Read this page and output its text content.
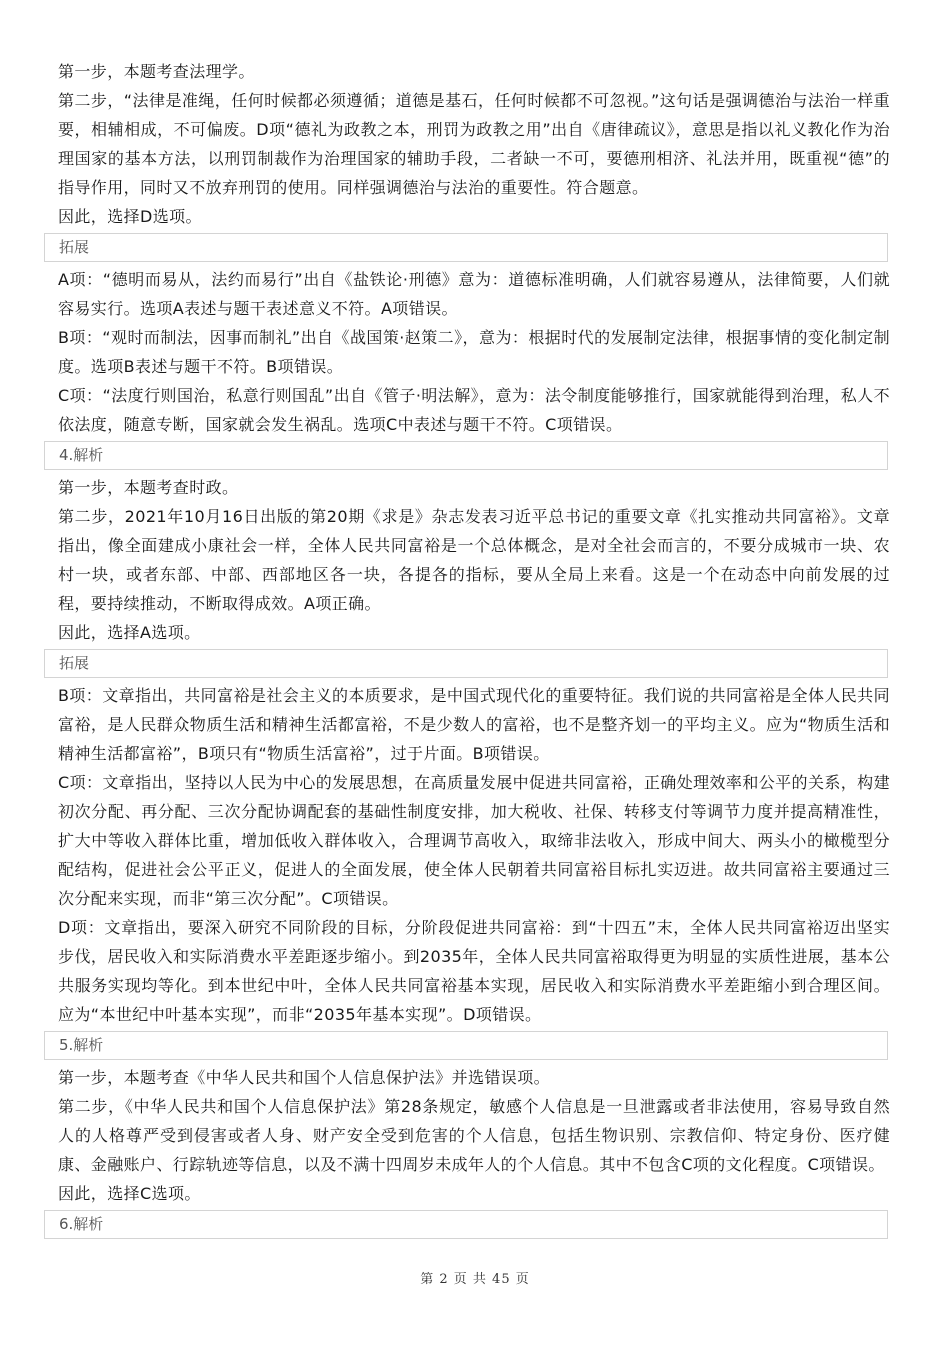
第一步，本题考查法理学。

第二步，“法律是准绳，任何时候都必须遵循；道德是基石，任何时候都不可忽视。”这句话是强调德治与法治一样重要，相辅相成，不可偏废。D项“德礼为政教之本，刑罚为政教之用”出自《唐律疏议》，意思是指以礼义教化作为治理国家的基本方法，以刑罚制裁作为治理国家的辅助手段，二者缺一不可，要德刑相济、礼法并用，既重视“德”的指导作用，同时又不放弃刑罚的使用。同样强调德治与法治的重要性。符合题意。

因此，选择D选项。

拓展

A项：“德明而易从，法约而易行”出自《盐铁论·刑德》意为：道德标准明确，人们就容易遵从，法律简要，人们就容易实行。选项A表述与题干表述意义不符。A项错误。

B项：“观时而制法，因事而制礼”出自《战国策·赵策二》，意为：根据时代的发展制定法律，根据事情的变化制定制度。选项B表述与题干不符。B项错误。

C项：“法度行则国治，私意行则国乱”出自《管子·明法解》，意为：法令制度能够推行，国家就能得到治理，私人不依法度，随意专断，国家就会发生祸乱。选项C中表述与题干不符。C项错误。

4.解析

第一步，本题考查时政。

第二步，2021年10月16日出版的第20期《求是》杂志发表习近平总书记的重要文章《扎实推动共同富裕》。文章指出，像全面建成小康社会一样，全体人民共同富裕是一个总体概念，是对全社会而言的，不要分成城市一块、农村一块，或者东部、中部、西部地区各一块，各提各的指标，要从全局上来看。这是一个在动态中向前发展的过程，要持续推动，不断取得成效。A项正确。

因此，选择A选项。

拓展

B项：文章指出，共同富裕是社会主义的本质要求，是中国式现代化的重要特征。我们说的共同富裕是全体人民共同富裕，是人民群众物质生活和精神生活都富裕，不是少数人的富裕，也不是整齐划一的平均主义。应为“物质生活和精神生活都富裕”，B项只有“物质生活富裕”，过于片面。B项错误。

C项：文章指出，坚持以人民为中心的发展思想，在高质量发展中促进共同富裕，正确处理效率和公平的关系，构建初次分配、再分配、三次分配协调配套的基础性制度安排，加大税收、社保、转移支付等调节力度并提高精准性，扩大中等收入群体比重，增加低收入群体收入，合理调节高收入，取缔非法收入，形成中间大、两头小的橄榄型分配结构，促进社会公平正义，促进人的全面发展，使全体人民朝着共同富裕目标扎实迈进。故共同富裕主要通过三次分配来实现，而非“第三次分配”。C项错误。

D项：文章指出，要深入研究不同阶段的目标，分阶段促进共同富裕：到“十四五”末，全体人民共同富裕迈出坚实步伐，居民收入和实际消费水平差距逐步缩小。到2035年，全体人民共同富裕取得更为明显的实质性进展，基本公共服务实现均等化。到本世纪中叶，全体人民共同富裕基本实现，居民收入和实际消费水平差距缩小到合理区间。应为“本世纪中叶基本实现”，而非“2035年基本实现”。D项错误。

5.解析

第一步，本题考查《中华人民共和国个人信息保护法》并选错误项。

第二步，《中华人民共和国个人信息保护法》第28条规定，敏感个人信息是一旦泄露或者非法使用，容易导致自然人的人格尊严受到侵害或者人身、财产安全受到危害的个人信息，包括生物识别、宗教信仰、特定身份、医疗健康、金融账户、行踪轨迹等信息，以及不满十四周岁未成年人的个人信息。其中不包含C项的文化程度。C项错误。

因此，选择C选项。

6.解析
第 2 页 共 45 页
